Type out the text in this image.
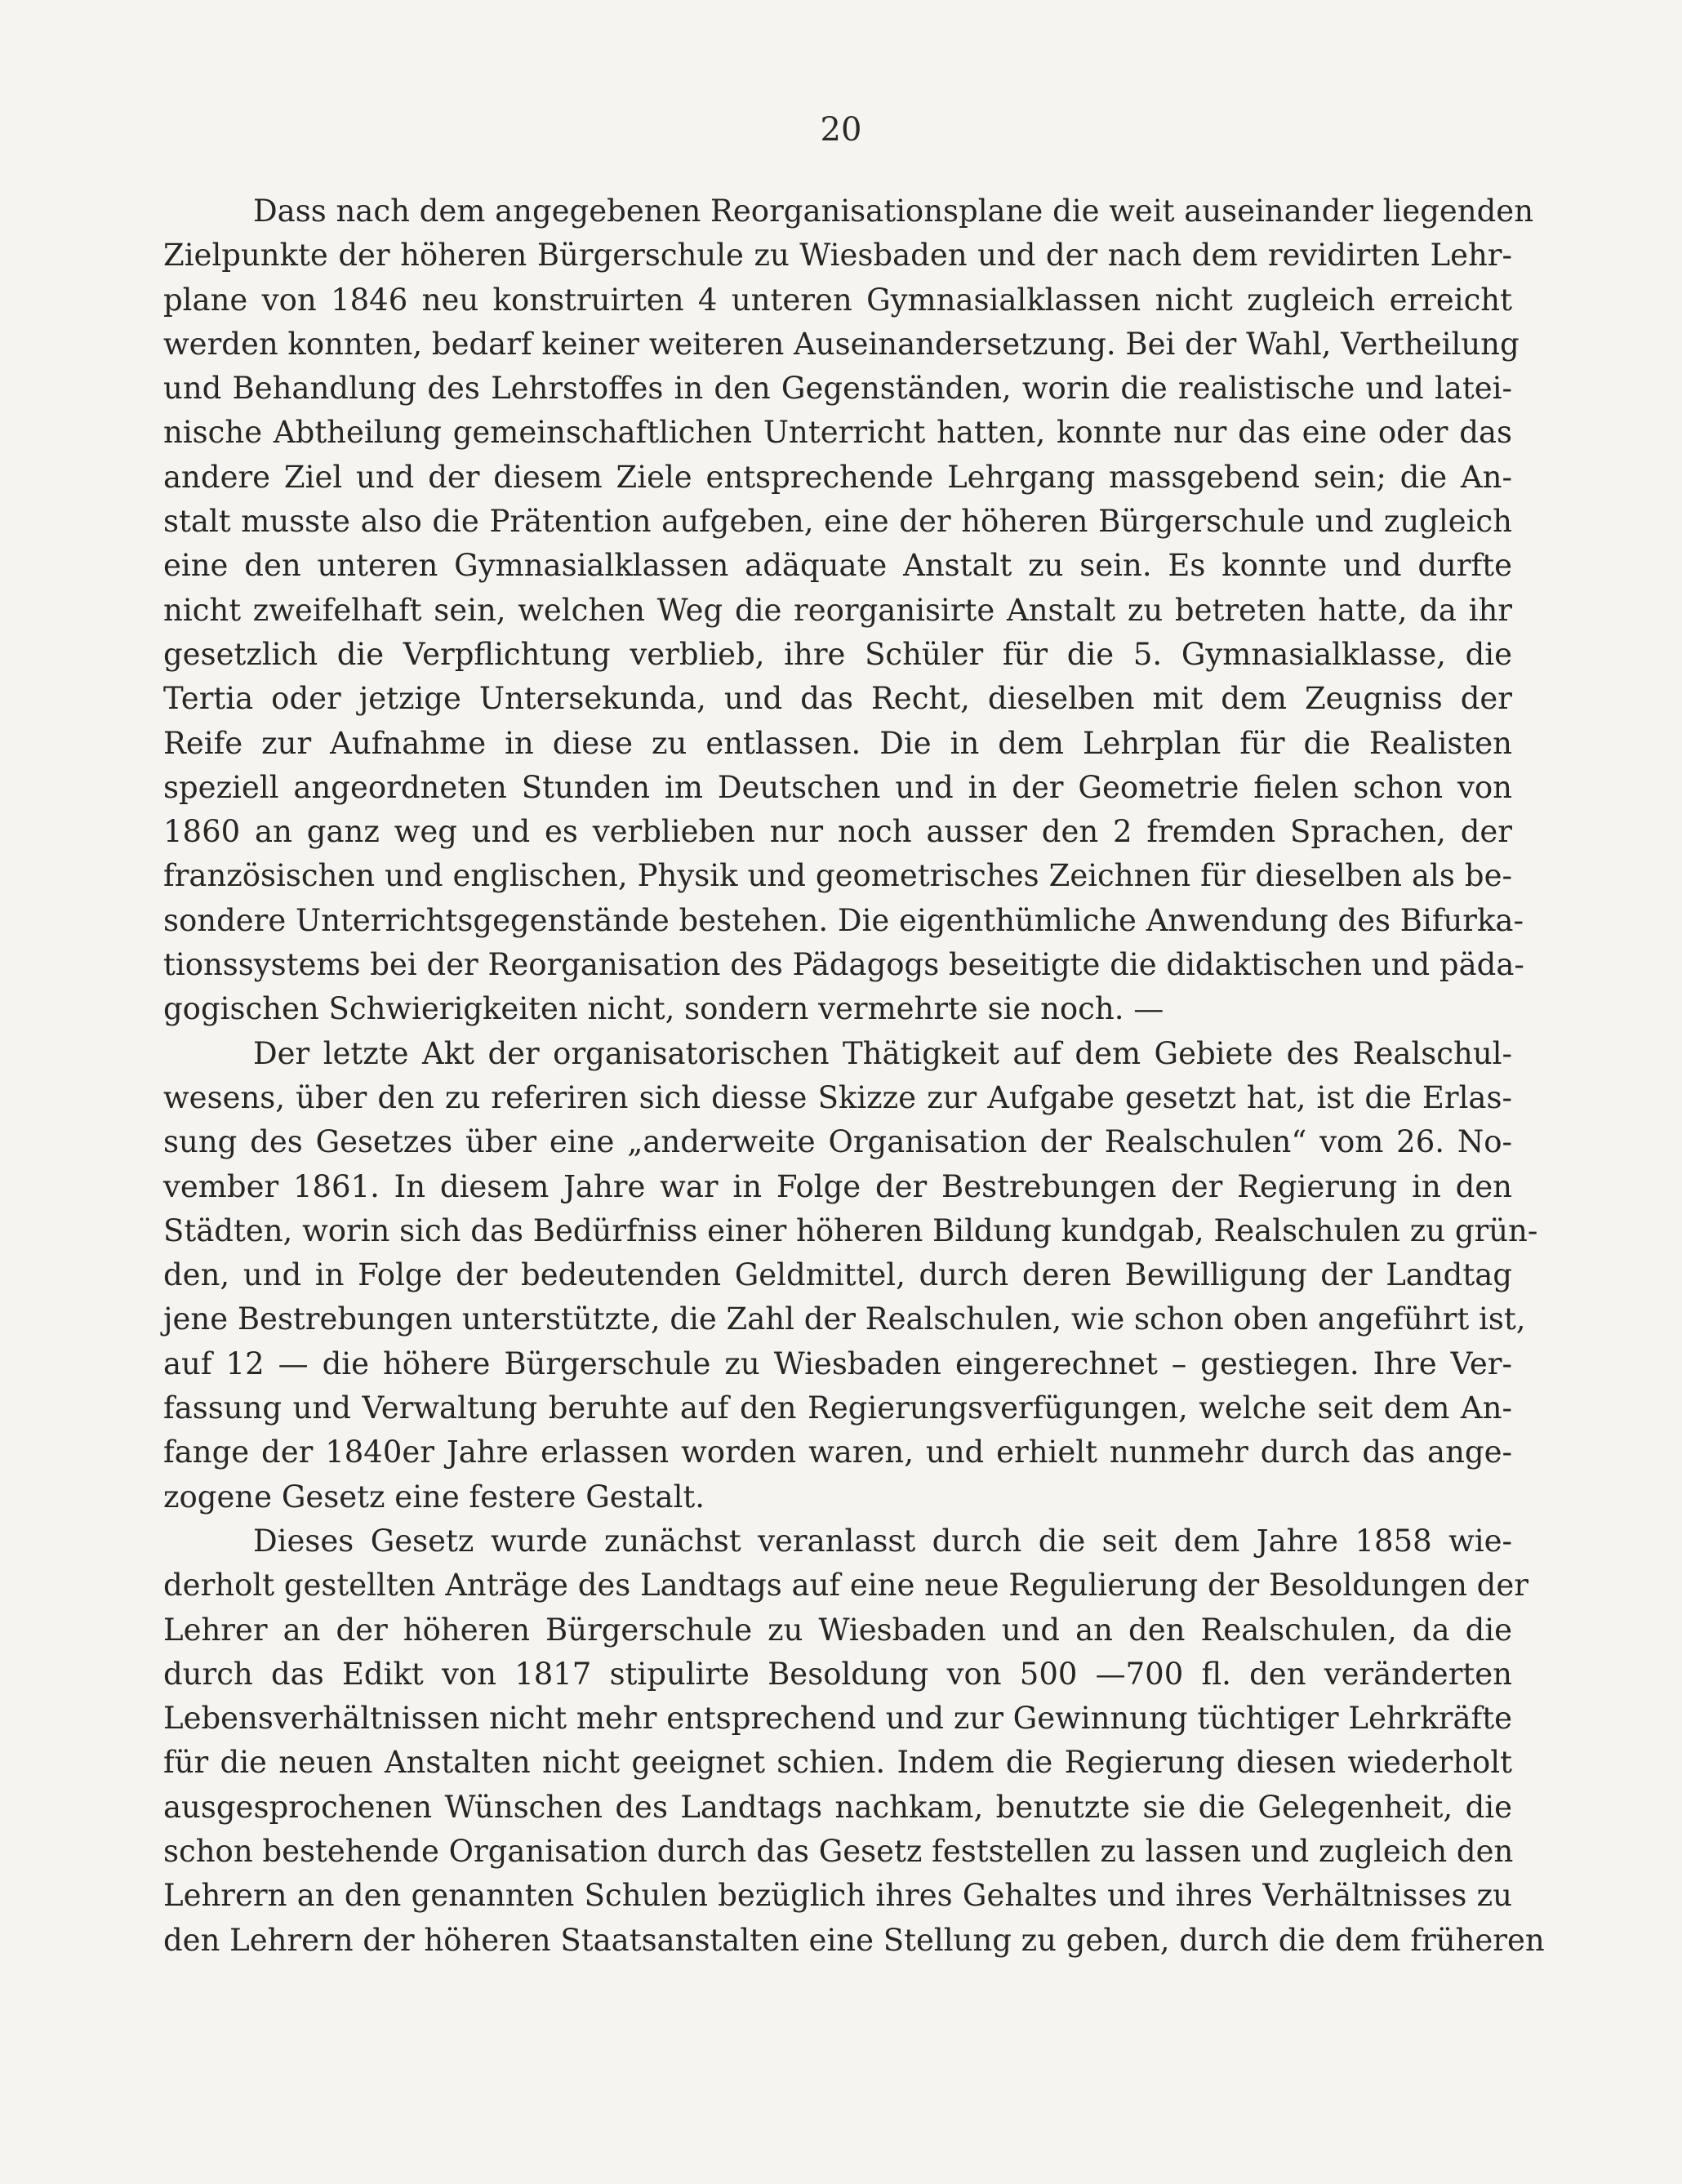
20
Dass nach dem angegebenen Reorganisationsplane die weit auseinander liegenden
Zielpunkte der höheren Bürgerschule zu Wiesbaden und der nach dem revidirten Lehr-
plane von 1846 neu konstruirten 4 unteren Gymnasialklassen nicht zugleich erreicht
werden konnten, bedarf keiner weiteren Auseinandersetzung. Bei der Wahl, Vertheilung
und Behandlung des Lehrstoffes in den Gegenständen, worin die realistische und latei-
nische Abtheilung gemeinschaftlichen Unterricht hatten, konnte nur das eine oder das
andere Ziel und der diesem Ziele entsprechende Lehrgang massgebend sein; die An-
stalt musste also die Prätention aufgeben, eine der höheren Bürgerschule und zugleich
eine den unteren Gymnasialklassen adäquate Anstalt zu sein. Es konnte und durfte
nicht zweifelhaft sein, welchen Weg die reorganisirte Anstalt zu betreten hatte, da ihr
gesetzlich die Verpflichtung verblieb, ihre Schüler für die 5. Gymnasialklasse, die
Tertia oder jetzige Untersekunda, und das Recht, dieselben mit dem Zeugniss der
Reife zur Aufnahme in diese zu entlassen. Die in dem Lehrplan für die Realisten
speziell angeordneten Stunden im Deutschen und in der Geometrie fielen schon von
1860 an ganz weg und es verblieben nur noch ausser den 2 fremden Sprachen, der
französischen und englischen, Physik und geometrisches Zeichnen für dieselben als be-
sondere Unterrichtsgegenstände bestehen. Die eigenthümliche Anwendung des Bifurka-
tionssystems bei der Reorganisation des Pädagogs beseitigte die didaktischen und päda-
gogischen Schwierigkeiten nicht, sondern vermehrte sie noch. —
Der letzte Akt der organisatorischen Thätigkeit auf dem Gebiete des Realschul-
wesens, über den zu referiren sich diesse Skizze zur Aufgabe gesetzt hat, ist die Erlas-
sung des Gesetzes über eine „anderweite Organisation der Realschulen“ vom 26. No-
vember 1861. In diesem Jahre war in Folge der Bestrebungen der Regierung in den
Städten, worin sich das Bedürfniss einer höheren Bildung kundgab, Realschulen zu grün-
den, und in Folge der bedeutenden Geldmittel, durch deren Bewilligung der Landtag
jene Bestrebungen unterstützte, die Zahl der Realschulen, wie schon oben angeführt ist,
auf 12 — die höhere Bürgerschule zu Wiesbaden eingerechnet – gestiegen. Ihre Ver-
fassung und Verwaltung beruhte auf den Regierungsverfügungen, welche seit dem An-
fange der 1840er Jahre erlassen worden waren, und erhielt nunmehr durch das ange-
zogene Gesetz eine festere Gestalt.
Dieses Gesetz wurde zunächst veranlasst durch die seit dem Jahre 1858 wie-
derholt gestellten Anträge des Landtags auf eine neue Regulierung der Besoldungen der
Lehrer an der höheren Bürgerschule zu Wiesbaden und an den Realschulen, da die
durch das Edikt von 1817 stipulirte Besoldung von 500 —700 fl. den veränderten
Lebensverhältnissen nicht mehr entsprechend und zur Gewinnung tüchtiger Lehrkräfte
für die neuen Anstalten nicht geeignet schien. Indem die Regierung diesen wiederholt
ausgesprochenen Wünschen des Landtags nachkam, benutzte sie die Gelegenheit, die
schon bestehende Organisation durch das Gesetz feststellen zu lassen und zugleich den
Lehrern an den genannten Schulen bezüglich ihres Gehaltes und ihres Verhältnisses zu
den Lehrern der höheren Staatsanstalten eine Stellung zu geben, durch die dem früheren
